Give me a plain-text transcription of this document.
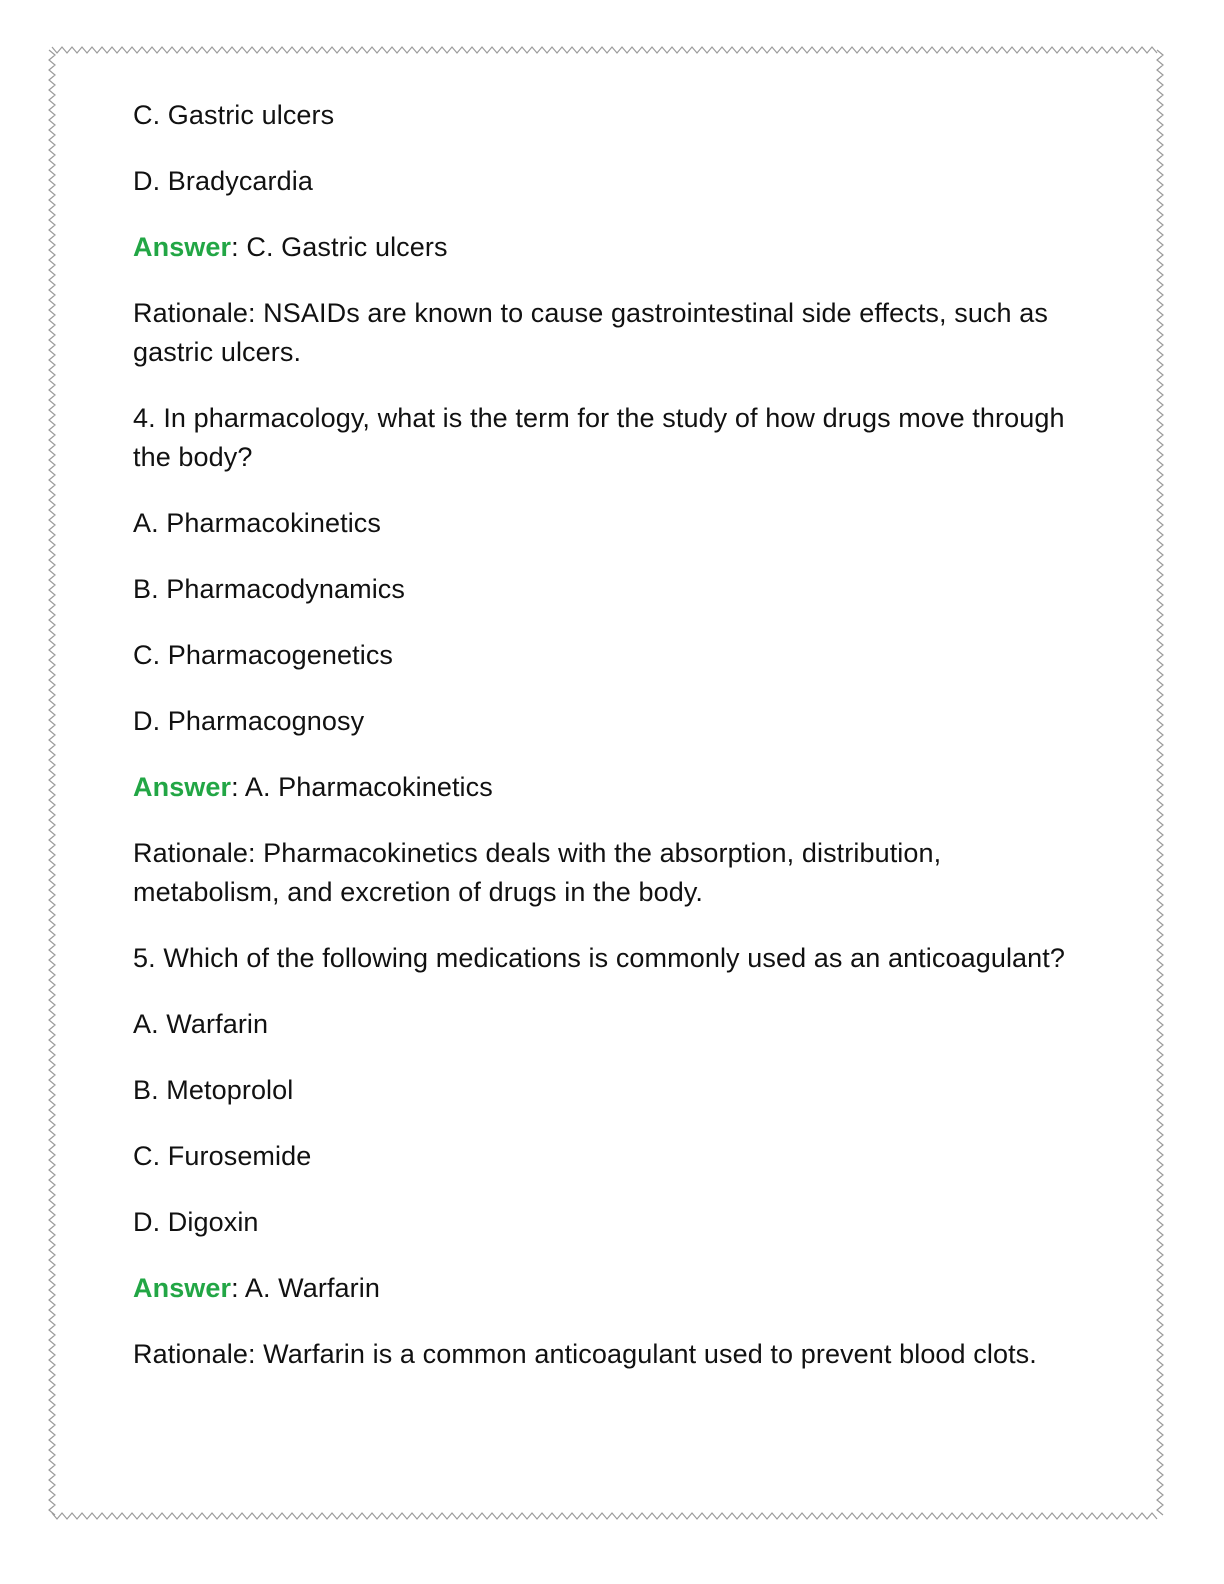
C. Gastric ulcers

D. Bradycardia

Answer: C. Gastric ulcers

Rationale: NSAIDs are known to cause gastrointestinal side effects, such as gastric ulcers.

4. In pharmacology, what is the term for the study of how drugs move through the body?

A. Pharmacokinetics

B. Pharmacodynamics

C. Pharmacogenetics

D. Pharmacognosy

Answer: A. Pharmacokinetics

Rationale: Pharmacokinetics deals with the absorption, distribution, metabolism, and excretion of drugs in the body.

5. Which of the following medications is commonly used as an anticoagulant?

A. Warfarin

B. Metoprolol

C. Furosemide

D. Digoxin

Answer: A. Warfarin

Rationale: Warfarin is a common anticoagulant used to prevent blood clots.
